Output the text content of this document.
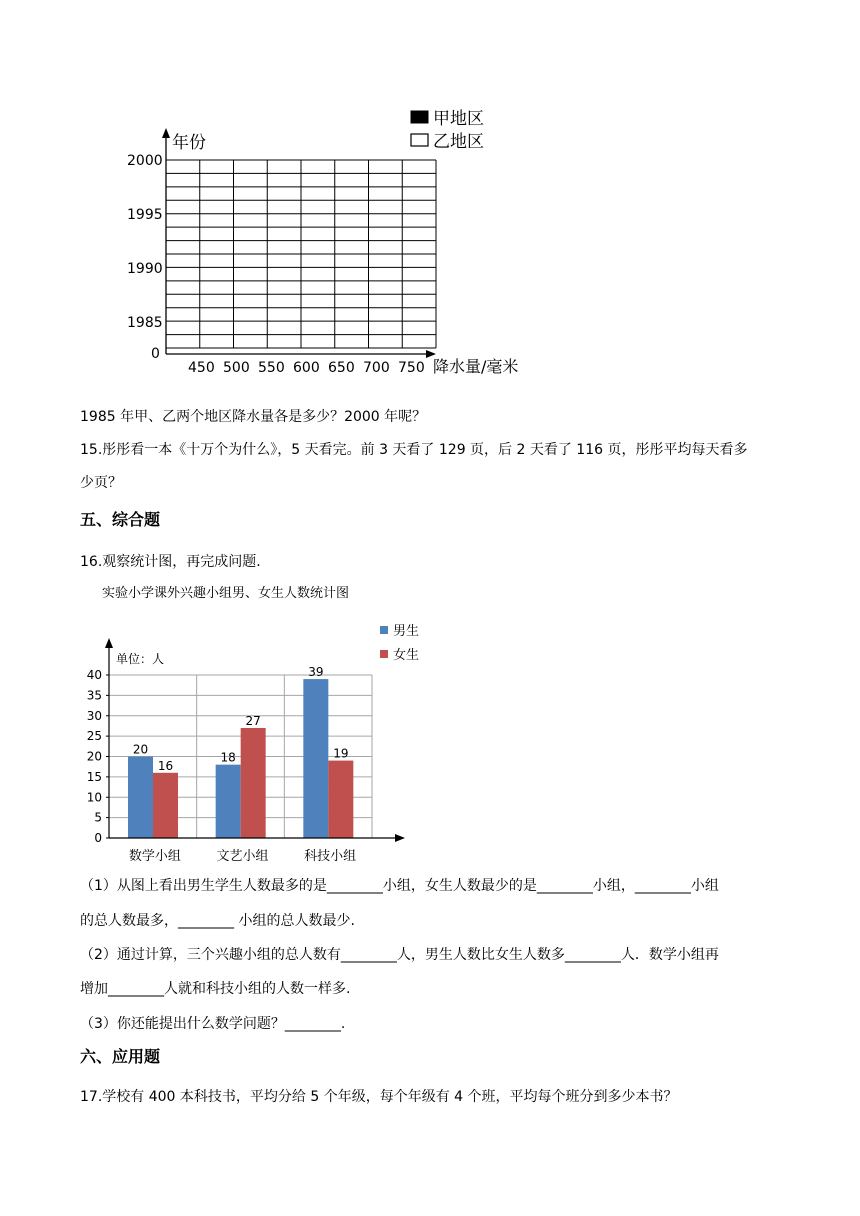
甲地区
乙地区
年份
2000
1995
1990
1985
0
450 500 550 600 650 700 750 降水量/毫米
1985 年甲、乙两个地区降水量各是多少？2000 年呢？
15.彤彤看一本《十万个为什么》，5 天看完。前 3 天看了 129 页，后 2 天看了 116 页，彤彤平均每天看多
少页？
五、综合题
16.观察统计图，再完成问题.
实验小学课外兴趣小组男、女生人数统计图
男生
女生
单位：人
0
5
10
15
20
25
30
35
40
20
16
18
27
39
19
数学小组	文艺小组	科技小组
（1）从图上看出男生学生人数最多的是________小组，女生人数最少的是________小组，________小组
的总人数最多，________ 小组的总人数最少.
（2）通过计算，三个兴趣小组的总人数有________人，男生人数比女生人数多________人．数学小组再
增加________人就和科技小组的人数一样多.
（3）你还能提出什么数学问题？________.
六、应用题
17.学校有 400 本科技书，平均分给 5 个年级，每个年级有 4 个班，平均每个班分到多少本书？
